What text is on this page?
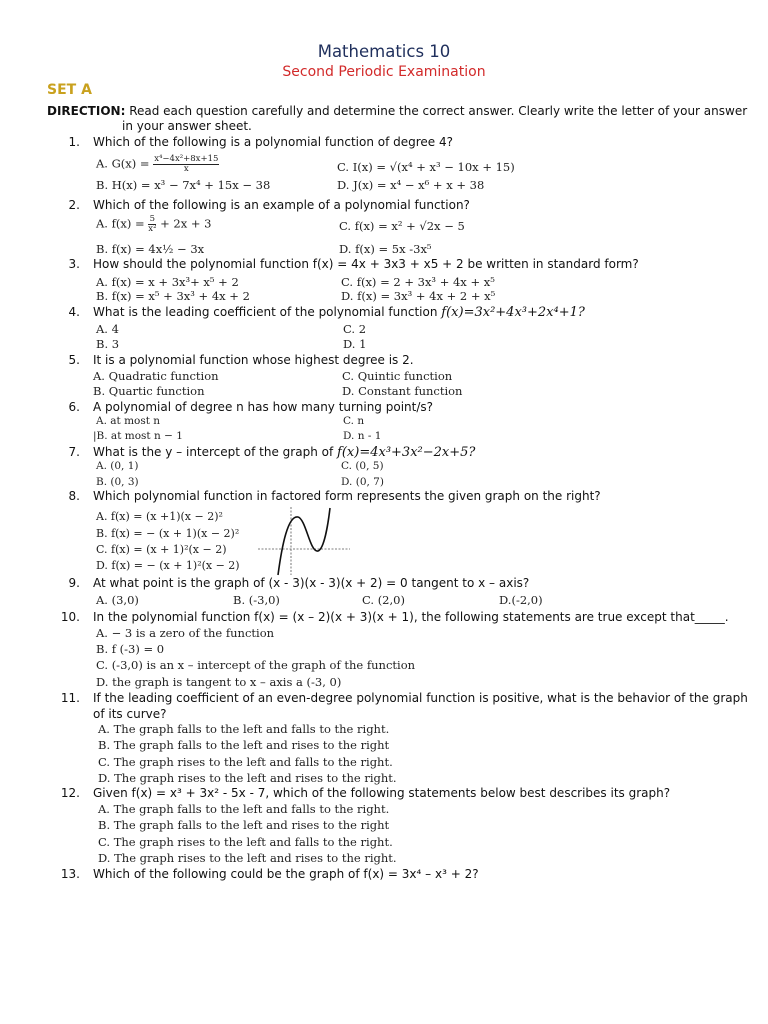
Mathematics 10
Second Periodic Examination
SET A
DIRECTION: Read each question carefully and determine the correct answer. Clearly write the letter of your answer
in your answer sheet.
1. Which of the following is a polynomial function of degree 4?
A. $G(x) = \frac{\text{x⁴−4x²+8x+15}}{x}$
B. H(x) = x³ − 7x⁴ + 15x − 38
C. I(x) = √(x⁴ + x³ − 10x + 15)
D. J(x) = x⁴ − x⁶ + x + 38
2. Which of the following is an example of a polynomial function?
A. $f(x) = \frac{5}{\text{x²}} + 2x + 3$
B. f(x) = 4x½ − 3x
C. f(x) = x² + √2x − 5
D. f(x) = 5x -3x⁵
3. How should the polynomial function f(x) = 4x + 3x3 + x5 + 2 be written in standard form?
A. f(x) = x + 3x³+ x⁵ + 2
B. f(x) = x⁵ + 3x³ + 4x + 2
C. f(x) = 2 + 3x³ + 4x + x⁵
D. f(x) = 3x³ + 4x + 2 + x⁵
4. What is the leading coefficient of the polynomial function f(x)=3x²+4x³+2x⁴+1?
A. 4
B. 3
C. 2
D. 1
5. It is a polynomial function whose highest degree is 2.
A. Quadratic function
B. Quartic function
C. Quintic function
D. Constant function
6. A polynomial of degree n has how many turning point/s?
A. at most n
|B. at most n − 1
C. n
D. n - 1
7. What is the y – intercept of the graph of f(x)=4x³+3x²−2x+5?
A. (0, 1)
B. (0, 3)
C. (0, 5)
D. (0, 7)
8. Which polynomial function in factored form represents the given graph on the right?
A. f(x) = (x +1)(x − 2)²
B. f(x) = − (x + 1)(x − 2)²
C. f(x) = (x + 1)²(x − 2)
D. f(x) = − (x + 1)²(x − 2)
9. At what point is the graph of (x - 3)(x - 3)(x + 2) = 0 tangent to x – axis?
A. (3,0)	B. (-3,0)	C. (2,0)	D.(-2,0)
10. In the polynomial function f(x) = (x – 2)(x + 3)(x + 1), the following statements are true except that_____.
A. − 3 is a zero of the function
B. f (-3) = 0
C. (-3,0) is an x – intercept of the graph of the function
D. the graph is tangent to x – axis a (-3, 0)
11. If the leading coefficient of an even-degree polynomial function is positive, what is the behavior of the graph
of its curve?
A. The graph falls to the left and falls to the right.
B. The graph falls to the left and rises to the right
C. The graph rises to the left and falls to the right.
D. The graph rises to the left and rises to the right.
12. Given f(x) = x³ + 3x² - 5x - 7, which of the following statements below best describes its graph?
A. The graph falls to the left and falls to the right.
B. The graph falls to the left and rises to the right
C. The graph rises to the left and falls to the right.
D. The graph rises to the left and rises to the right.
13. Which of the following could be the graph of f(x) = 3x⁴ – x³ + 2?
